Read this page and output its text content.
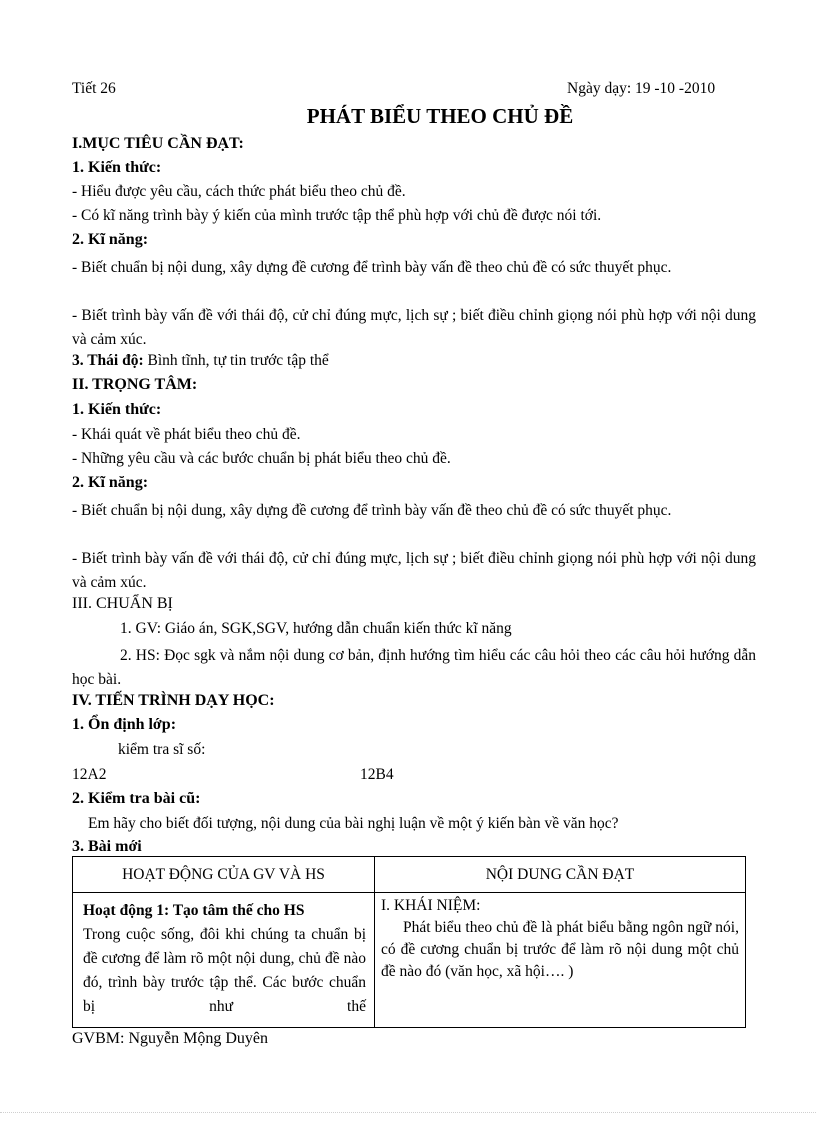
Tiết 26	Ngày dạy: 19 -10 -2010
PHÁT BIỂU THEO CHỦ ĐỀ
I.MỤC TIÊU CẦN ĐẠT:
1. Kiến thức:
- Hiểu được yêu cầu, cách thức phát biểu theo chủ đề.
- Có kĩ năng trình bày ý kiến của mình trước tập thể phù hợp với chủ đề được nói tới.
2. Kĩ năng:
- Biết chuẩn bị nội dung, xây dựng đề cương để trình bày vấn đề theo chủ đề có sức thuyết phục.
- Biết trình bày vấn đề với thái độ, cử chỉ đúng mực, lịch sự ; biết điều chỉnh giọng nói phù hợp với nội dung và cảm xúc.
3. Thái độ: Bình tĩnh, tự tin trước tập thể
II. TRỌNG TÂM:
1. Kiến thức:
- Khái quát về phát biểu theo chủ đề.
- Những yêu cầu và các bước chuẩn bị phát biểu theo chủ đề.
2. Kĩ năng:
- Biết chuẩn bị nội dung, xây dựng đề cương để trình bày vấn đề theo chủ đề có sức thuyết phục.
- Biết trình bày vấn đề với thái độ, cử chỉ đúng mực, lịch sự ; biết điều chỉnh giọng nói phù hợp với nội dung và cảm xúc.
III. CHUẨN BỊ
1. GV: Giáo án, SGK,SGV, hướng dẫn chuẩn kiến thức kĩ năng
2. HS: Đọc sgk và nắm nội dung cơ bản, định hướng tìm hiểu các câu hỏi theo các câu hỏi hướng dẫn học bài.
IV. TIẾN TRÌNH DẠY HỌC:
1. Ổn định lớp:
kiểm tra sĩ số:
12A2	12B4
2. Kiểm tra bài cũ:
Em hãy cho biết đối tượng, nội dung của bài nghị luận về một ý kiến bàn về văn học?
3. Bài mới
HOẠT ĐỘNG CỦA GV VÀ HS	NỘI DUNG CẦN ĐẠT

Hoạt động 1: Tạo tâm thế cho HS
Trong cuộc sống, đôi khi chúng ta chuẩn bị đề cương để làm rõ một nội dung, chủ đề nào đó, trình bày trước tập thể. Các bước chuẩn bị như thế	I. KHÁI NIỆM:
Phát biểu theo chủ đề là phát biểu bằng ngôn ngữ nói, có đề cương chuẩn bị trước để làm rõ nội dung một chủ đề nào đó (văn học, xã hội…. )
GVBM: Nguyễn Mộng Duyên
